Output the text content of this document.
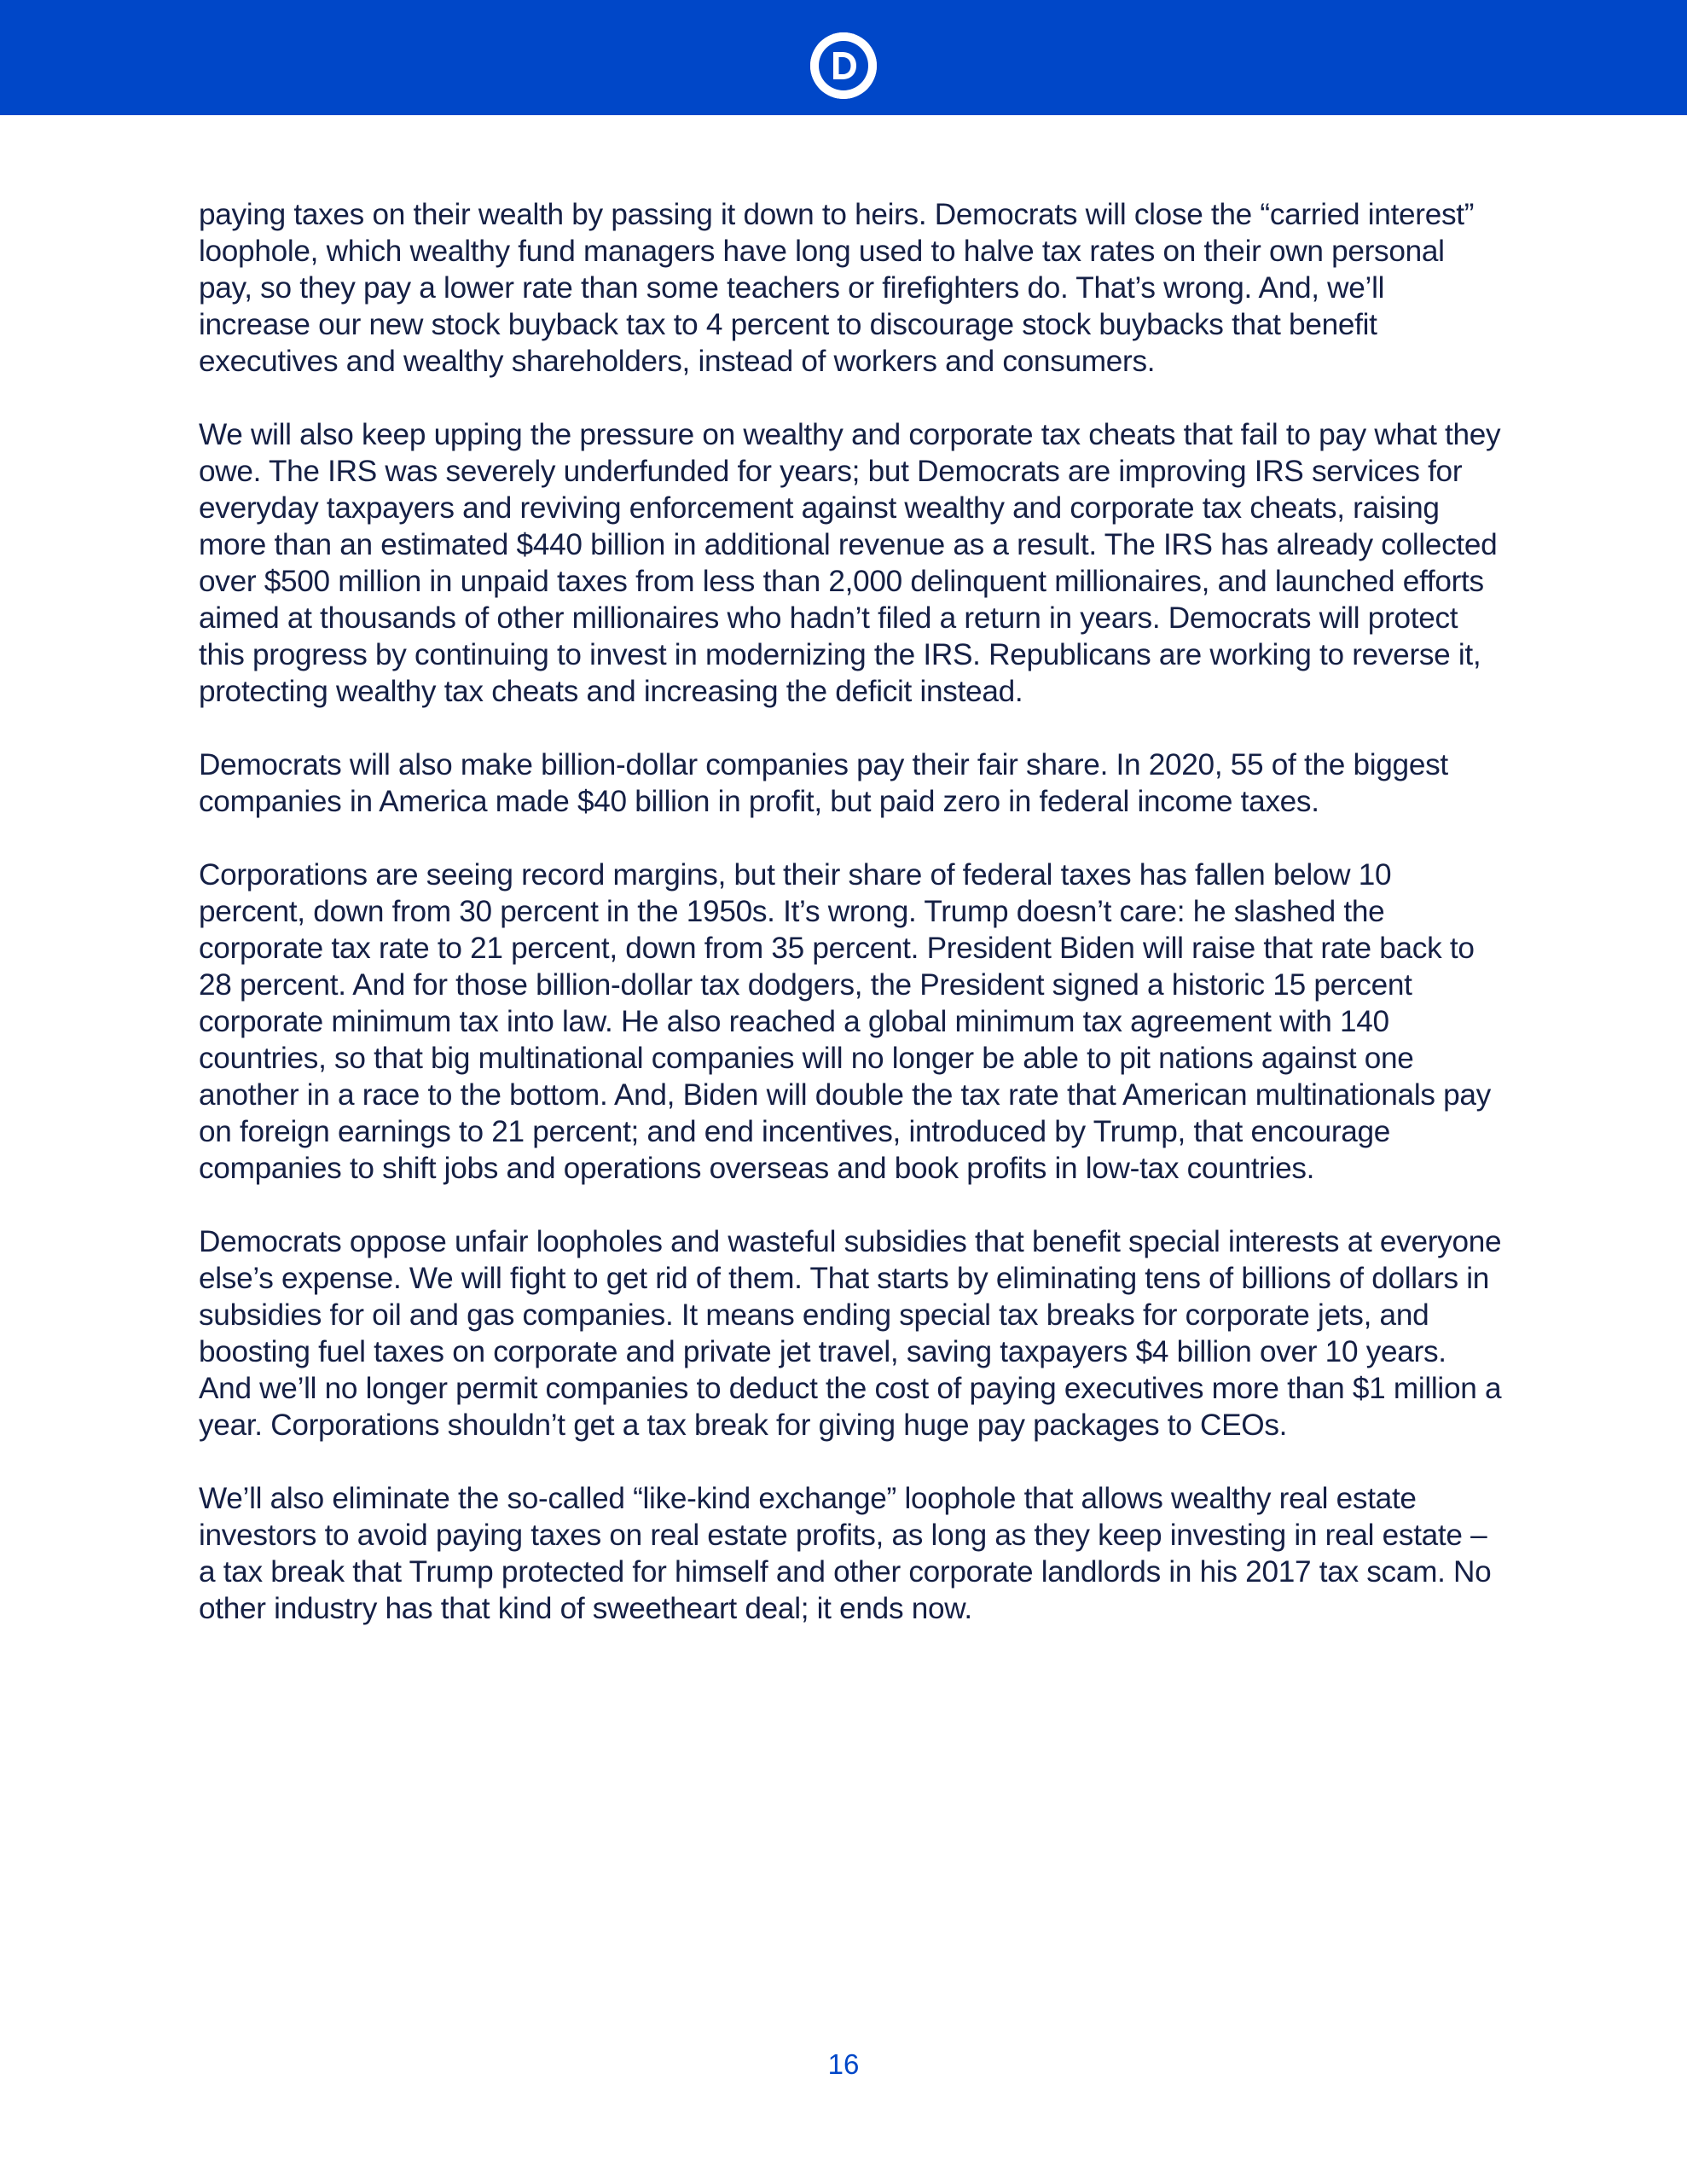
paying taxes on their wealth by passing it down to heirs. Democrats will close the “carried interest” loophole, which wealthy fund managers have long used to halve tax rates on their own personal pay, so they pay a lower rate than some teachers or firefighters do. That’s wrong. And, we’ll increase our new stock buyback tax to 4 percent to discourage stock buybacks that benefit executives and wealthy shareholders, instead of workers and consumers.

We will also keep upping the pressure on wealthy and corporate tax cheats that fail to pay what they owe. The IRS was severely underfunded for years; but Democrats are improving IRS services for everyday taxpayers and reviving enforcement against wealthy and corporate tax cheats, raising more than an estimated $440 billion in additional revenue as a result. The IRS has already collected over $500 million in unpaid taxes from less than 2,000 delinquent millionaires, and launched efforts aimed at thousands of other millionaires who hadn’t filed a return in years. Democrats will protect this progress by continuing to invest in modernizing the IRS. Republicans are working to reverse it, protecting wealthy tax cheats and increasing the deficit instead.

Democrats will also make billion-dollar companies pay their fair share. In 2020, 55 of the biggest companies in America made $40 billion in profit, but paid zero in federal income taxes.

Corporations are seeing record margins, but their share of federal taxes has fallen below 10 percent, down from 30 percent in the 1950s. It’s wrong. Trump doesn’t care: he slashed the corporate tax rate to 21 percent, down from 35 percent. President Biden will raise that rate back to 28 percent. And for those billion-dollar tax dodgers, the President signed a historic 15 percent corporate minimum tax into law. He also reached a global minimum tax agreement with 140 countries, so that big multinational companies will no longer be able to pit nations against one another in a race to the bottom. And, Biden will double the tax rate that American multinationals pay on foreign earnings to 21 percent; and end incentives, introduced by Trump, that encourage companies to shift jobs and operations overseas and book profits in low-tax countries.

Democrats oppose unfair loopholes and wasteful subsidies that benefit special interests at everyone else’s expense. We will fight to get rid of them. That starts by eliminating tens of billions of dollars in subsidies for oil and gas companies. It means ending special tax breaks for corporate jets, and boosting fuel taxes on corporate and private jet travel, saving taxpayers $4 billion over 10 years. And we’ll no longer permit companies to deduct the cost of paying executives more than $1 million a year. Corporations shouldn’t get a tax break for giving huge pay packages to CEOs.

We’ll also eliminate the so-called “like-kind exchange” loophole that allows wealthy real estate investors to avoid paying taxes on real estate profits, as long as they keep investing in real estate – a tax break that Trump protected for himself and other corporate landlords in his 2017 tax scam. No other industry has that kind of sweetheart deal; it ends now.

16
